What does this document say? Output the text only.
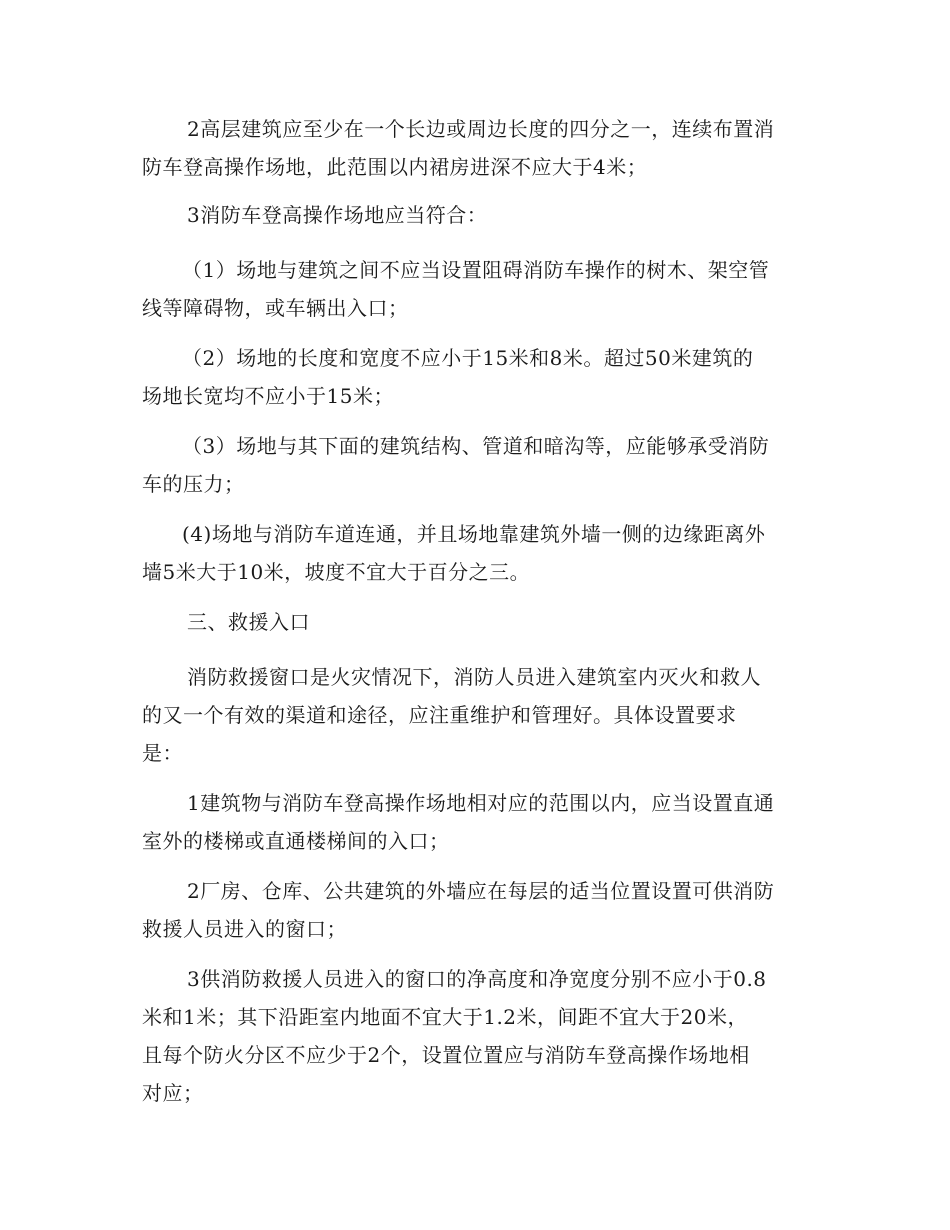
2高层建筑应至少在一个长边或周边长度的四分之一，连续布置消
防车登高操作场地，此范围以内裙房进深不应大于4米；

3消防车登高操作场地应当符合：

（1）场地与建筑之间不应当设置阻碍消防车操作的树木、架空管
线等障碍物，或车辆出入口；

（2）场地的长度和宽度不应小于15米和8米。超过50米建筑的
场地长宽均不应小于15米；

（3）场地与其下面的建筑结构、管道和暗沟等，应能够承受消防
车的压力；

(4)场地与消防车道连通，并且场地靠建筑外墙一侧的边缘距离外
墙5米大于10米，坡度不宜大于百分之三。

三、救援入口

消防救援窗口是火灾情况下，消防人员进入建筑室内灭火和救人
的又一个有效的渠道和途径，应注重维护和管理好。具体设置要求
是：

1建筑物与消防车登高操作场地相对应的范围以内，应当设置直通
室外的楼梯或直通楼梯间的入口；

2厂房、仓库、公共建筑的外墙应在每层的适当位置设置可供消防
救援人员进入的窗口；

3供消防救援人员进入的窗口的净高度和净宽度分别不应小于0.8
米和1米；其下沿距室内地面不宜大于1.2米，间距不宜大于20米，
且每个防火分区不应少于2个，设置位置应与消防车登高操作场地相
对应；
